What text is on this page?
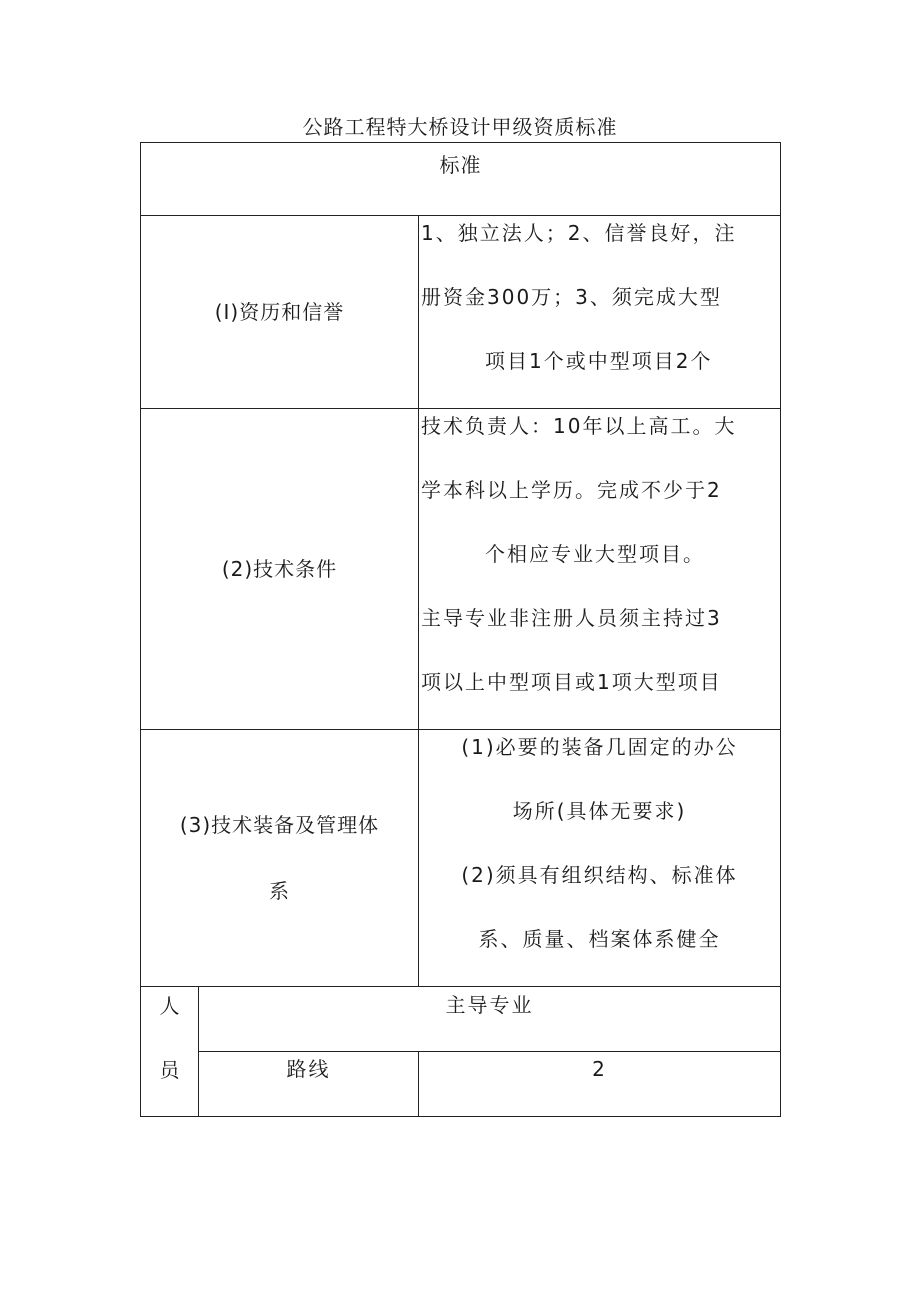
公路工程特大桥设计甲级资质标准
标准		

(I)资历和信誉		1、独立法人；2、信誉良好，注
册资金300万；3、须完成大型
项目1个或中型项目2个

(2)技术条件		技术负责人：10年以上高工。大
学本科以上学历。完成不少于2
个相应专业大型项目。
主导专业非注册人员须主持过3
项以上中型项目或1项大型项目

(3)技术装备及管理体
系		(1)必要的装备几固定的办公
场所(具体无要求)
(2)须具有组织结构、标准体
系、质量、档案体系健全

人
员	主导专业	
	路线	2
